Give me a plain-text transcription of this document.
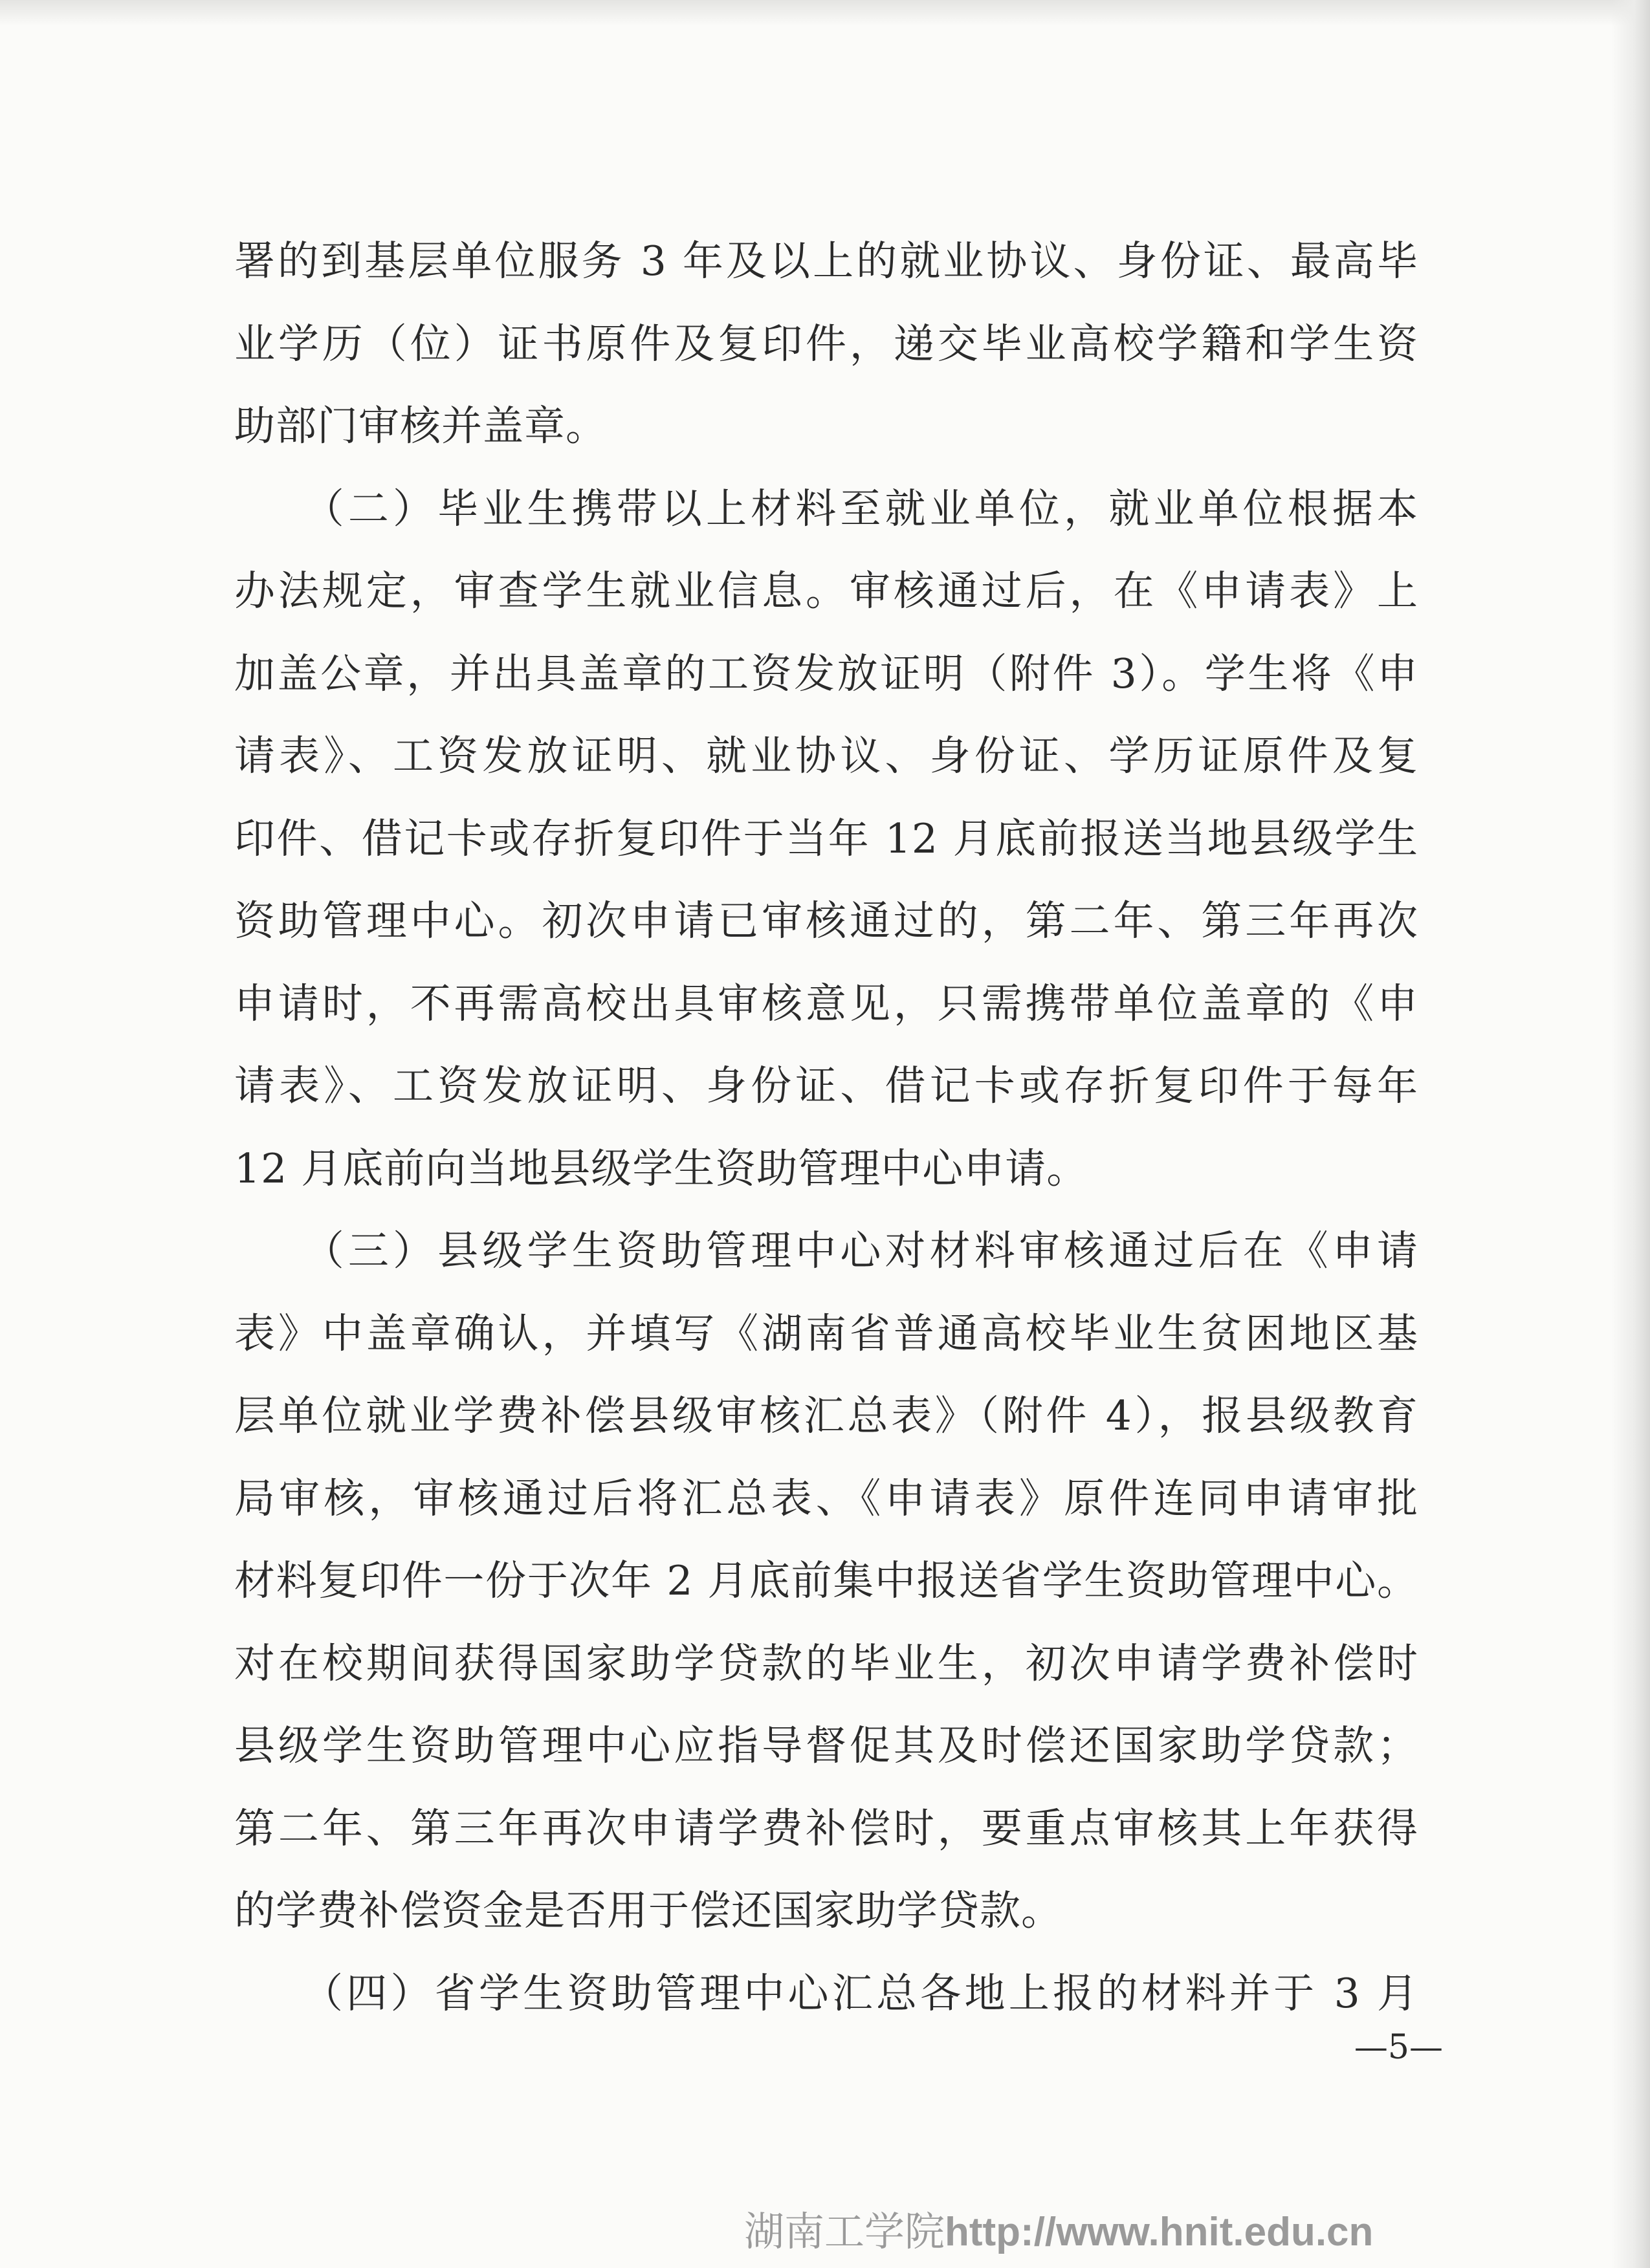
署的到基层单位服务 3 年及以上的就业协议、身份证、最高毕
业学历（位）证书原件及复印件，递交毕业高校学籍和学生资
助部门审核并盖章。
　　（二）毕业生携带以上材料至就业单位，就业单位根据本
办法规定，审查学生就业信息。审核通过后，在《申请表》上
加盖公章，并出具盖章的工资发放证明（附件 3）。学生将《申
请表》、工资发放证明、就业协议、身份证、学历证原件及复
印件、借记卡或存折复印件于当年 12 月底前报送当地县级学生
资助管理中心。初次申请已审核通过的，第二年、第三年再次
申请时，不再需高校出具审核意见，只需携带单位盖章的《申
请表》、工资发放证明、身份证、借记卡或存折复印件于每年
12 月底前向当地县级学生资助管理中心申请。
　　（三）县级学生资助管理中心对材料审核通过后在《申请
表》中盖章确认，并填写《湖南省普通高校毕业生贫困地区基
层单位就业学费补偿县级审核汇总表》（附件 4），报县级教育
局审核，审核通过后将汇总表、《申请表》原件连同申请审批
材料复印件一份于次年 2 月底前集中报送省学生资助管理中心。
对在校期间获得国家助学贷款的毕业生，初次申请学费补偿时
县级学生资助管理中心应指导督促其及时偿还国家助学贷款；
第二年、第三年再次申请学费补偿时，要重点审核其上年获得
的学费补偿资金是否用于偿还国家助学贷款。
　　（四）省学生资助管理中心汇总各地上报的材料并于 3 月
—5—
湖南工学院http://www.hnit.edu.cn
